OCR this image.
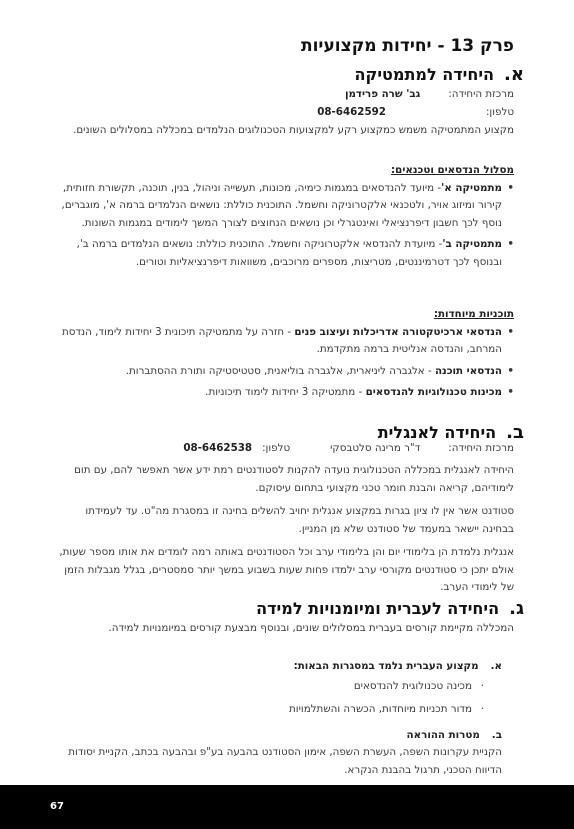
פרק 13 - יחידות מקצועיות
א.
היחידה למתמטיקה
מרכזת היחידה:
גב' שרה פרידמן
טלפון:
08-6462592

מקצוע המתמטיקה משמש כמקצוע רקע למקצועות הטכנולוגים הנלמדים במכללה במסלולים השונים.

מסלול הנדסאים וטכנאים:
• מתמטיקה א'- מיועד להנדסאים במגמות כימיה, מכונות, תעשייה וניהול, בנין, תוכנה, תקשורת חזותית, קירור ומיזוג אויר, ולטכנאי אלקטרוניקה וחשמל. התוכנית כוללת: נושאים הנלמדים ברמה א', מוגברים, נוסף לכך חשבון דיפרנציאלי ואינטגרלי וכן נושאים הנחוצים לצורך המשך לימודים במגמות השונות.
• מתמטיקה ב'- מיועדת להנדסאי אלקטרוניקה וחשמל. התוכנית כוללת: נושאים הנלמדים ברמה ב', ובנוסף לכך דטרמיננטים, מטריצות, מספרים מרוכבים, משוואות דיפרנציאליות וטורים.
תוכניות מיוחדות:
• הנדסאי ארכיטקטורה אדריכלות ועיצוב פנים - חזרה על מתמטיקה תיכונית 3 יחידות לימוד, הנדסת המרחב, והנדסה אנליטית ברמה מתקדמת.
• הנדסאי תוכנה - אלגברה ליניארית, אלגברה בוליאנית, סטטיסטיקה ותורת ההסתברות.
• מכינות טכנולוגיות להנדסאים - מתמטיקה 3 יחידות לימוד תיכוניות.
ב.
היחידה לאנגלית
מרכזת היחידה:
ד"ר מרינה סלטבסקי
טלפון:
08-6462538

היחידה לאנגלית במכללה הטכנולוגית נועדה להקנות לסטודנטים רמת ידע אשר תאפשר להם, עם תום לימודיהם, קריאה והבנת חומר טכני מקצועי בתחום עיסוקם.

סטודנט אשר אין לו ציון בגרות במקצוע אנגלית יחויב להשלים בחינה זו במסגרת מה"ט. עד לעמידתו בבחינה יישאר במעמד של סטודנט שלא מן המניין.

אנגלית נלמדת הן בלימודי יום והן בלימודי ערב וכל הסטודנטים באותה רמה לומדים את אותו מספר שעות, אולם יתכן כי סטודנטים מקורסי ערב ילמדו פחות שעות בשבוע במשך יותר סמסטרים, בגלל מגבלות הזמן של לימודי הערב.

ג.
היחידה לעברית ומיומנויות למידה

המכללה מקיימת קורסים בעברית במסלולים שונים, ובנוסף מבצעת קורסים במיומנויות למידה.

א.
מקצוע העברית נלמד במסגרות הבאות:
· מכינה טכנולוגית להנדסאים
· מדור תכניות מיוחדות, הכשרה והשתלמויות
ב.
מטרות ההוראה

הקניית עקרונות השפה, העשרת השפה, אימון הסטודנט בהבעה בע"פ ובהבעה בכתב, הקניית יסודות הדיווח הטכני, תרגול בהבנת הנקרא.

67
